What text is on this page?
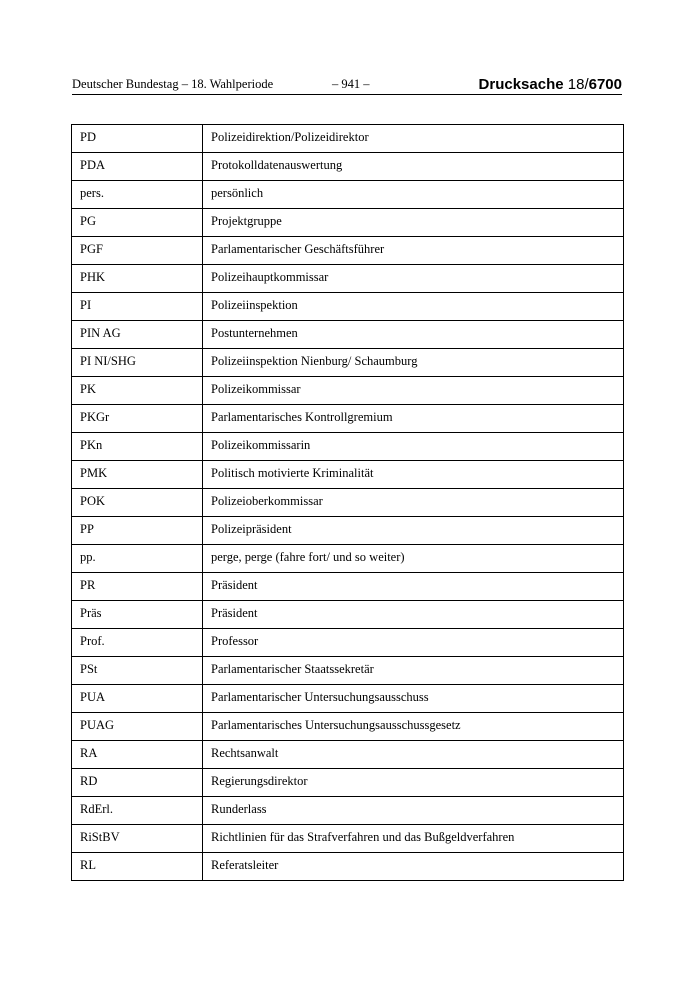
Deutscher Bundestag – 18. Wahlperiode	– 941 –	Drucksache 18/6700
PD	Polizeidirektion/Polizeidirektor
PDA	Protokolldatenauswertung
pers.	persönlich
PG	Projektgruppe
PGF	Parlamentarischer Geschäftsführer
PHK	Polizeihauptkommissar
PI	Polizeiinspektion
PIN AG	Postunternehmen
PI NI/SHG	Polizeiinspektion Nienburg/ Schaumburg
PK	Polizeikommissar
PKGr	Parlamentarisches Kontrollgremium
PKn	Polizeikommissarin
PMK	Politisch motivierte Kriminalität
POK	Polizeioberkommissar
PP	Polizeipräsident
pp.	perge, perge (fahre fort/ und so weiter)
PR	Präsident
Präs	Präsident
Prof.	Professor
PSt	Parlamentarischer Staatssekretär
PUA	Parlamentarischer Untersuchungsausschuss
PUAG	Parlamentarisches Untersuchungsausschussgesetz
RA	Rechtsanwalt
RD	Regierungsdirektor
RdErl.	Runderlass
RiStBV	Richtlinien für das Strafverfahren und das Bußgeldverfahren
RL	Referatsleiter
